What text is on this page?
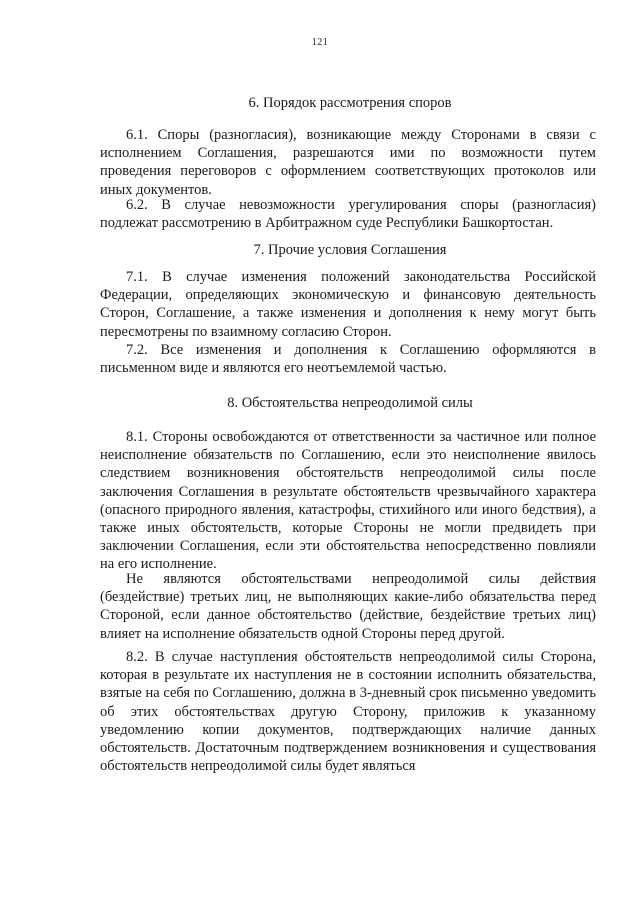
121
6. Порядок рассмотрения споров
6.1. Споры (разногласия), возникающие между Сторонами в связи с исполнением Соглашения, разрешаются ими по возможности путем проведения переговоров с оформлением соответствующих протоколов или иных документов.
6.2. В случае невозможности урегулирования споры (разногласия) подлежат рассмотрению в Арбитражном суде Республики Башкортостан.
7. Прочие условия Соглашения
7.1. В случае изменения положений законодательства Российской Федерации, определяющих экономическую и финансовую деятельность Сторон, Соглашение, а также изменения и дополнения к нему могут быть пересмотрены по взаимному согласию Сторон.
7.2. Все изменения и дополнения к Соглашению оформляются в письменном виде и являются его неотъемлемой частью.
8. Обстоятельства непреодолимой силы
8.1. Стороны освобождаются от ответственности за частичное или полное неисполнение обязательств по Соглашению, если это неисполнение явилось следствием возникновения обстоятельств непреодолимой силы после заключения Соглашения в результате обстоятельств чрезвычайного характера (опасного природного явления, катастрофы, стихийного или иного бедствия), а также иных обстоятельств, которые Стороны не могли предвидеть при заключении Соглашения, если эти обстоятельства непосредственно повлияли на его исполнение.
Не являются обстоятельствами непреодолимой силы действия (бездействие) третьих лиц, не выполняющих какие-либо обязательства перед Стороной, если данное обстоятельство (действие, бездействие третьих лиц) влияет на исполнение обязательств одной Стороны перед другой.
8.2. В случае наступления обстоятельств непреодолимой силы Сторона, которая в результате их наступления не в состоянии исполнить обязательства, взятые на себя по Соглашению, должна в 3-дневный срок письменно уведомить об этих обстоятельствах другую Сторону, приложив к указанному уведомлению копии документов, подтверждающих наличие данных обстоятельств. Достаточным подтверждением возникновения и существования обстоятельств непреодолимой силы будет являться
